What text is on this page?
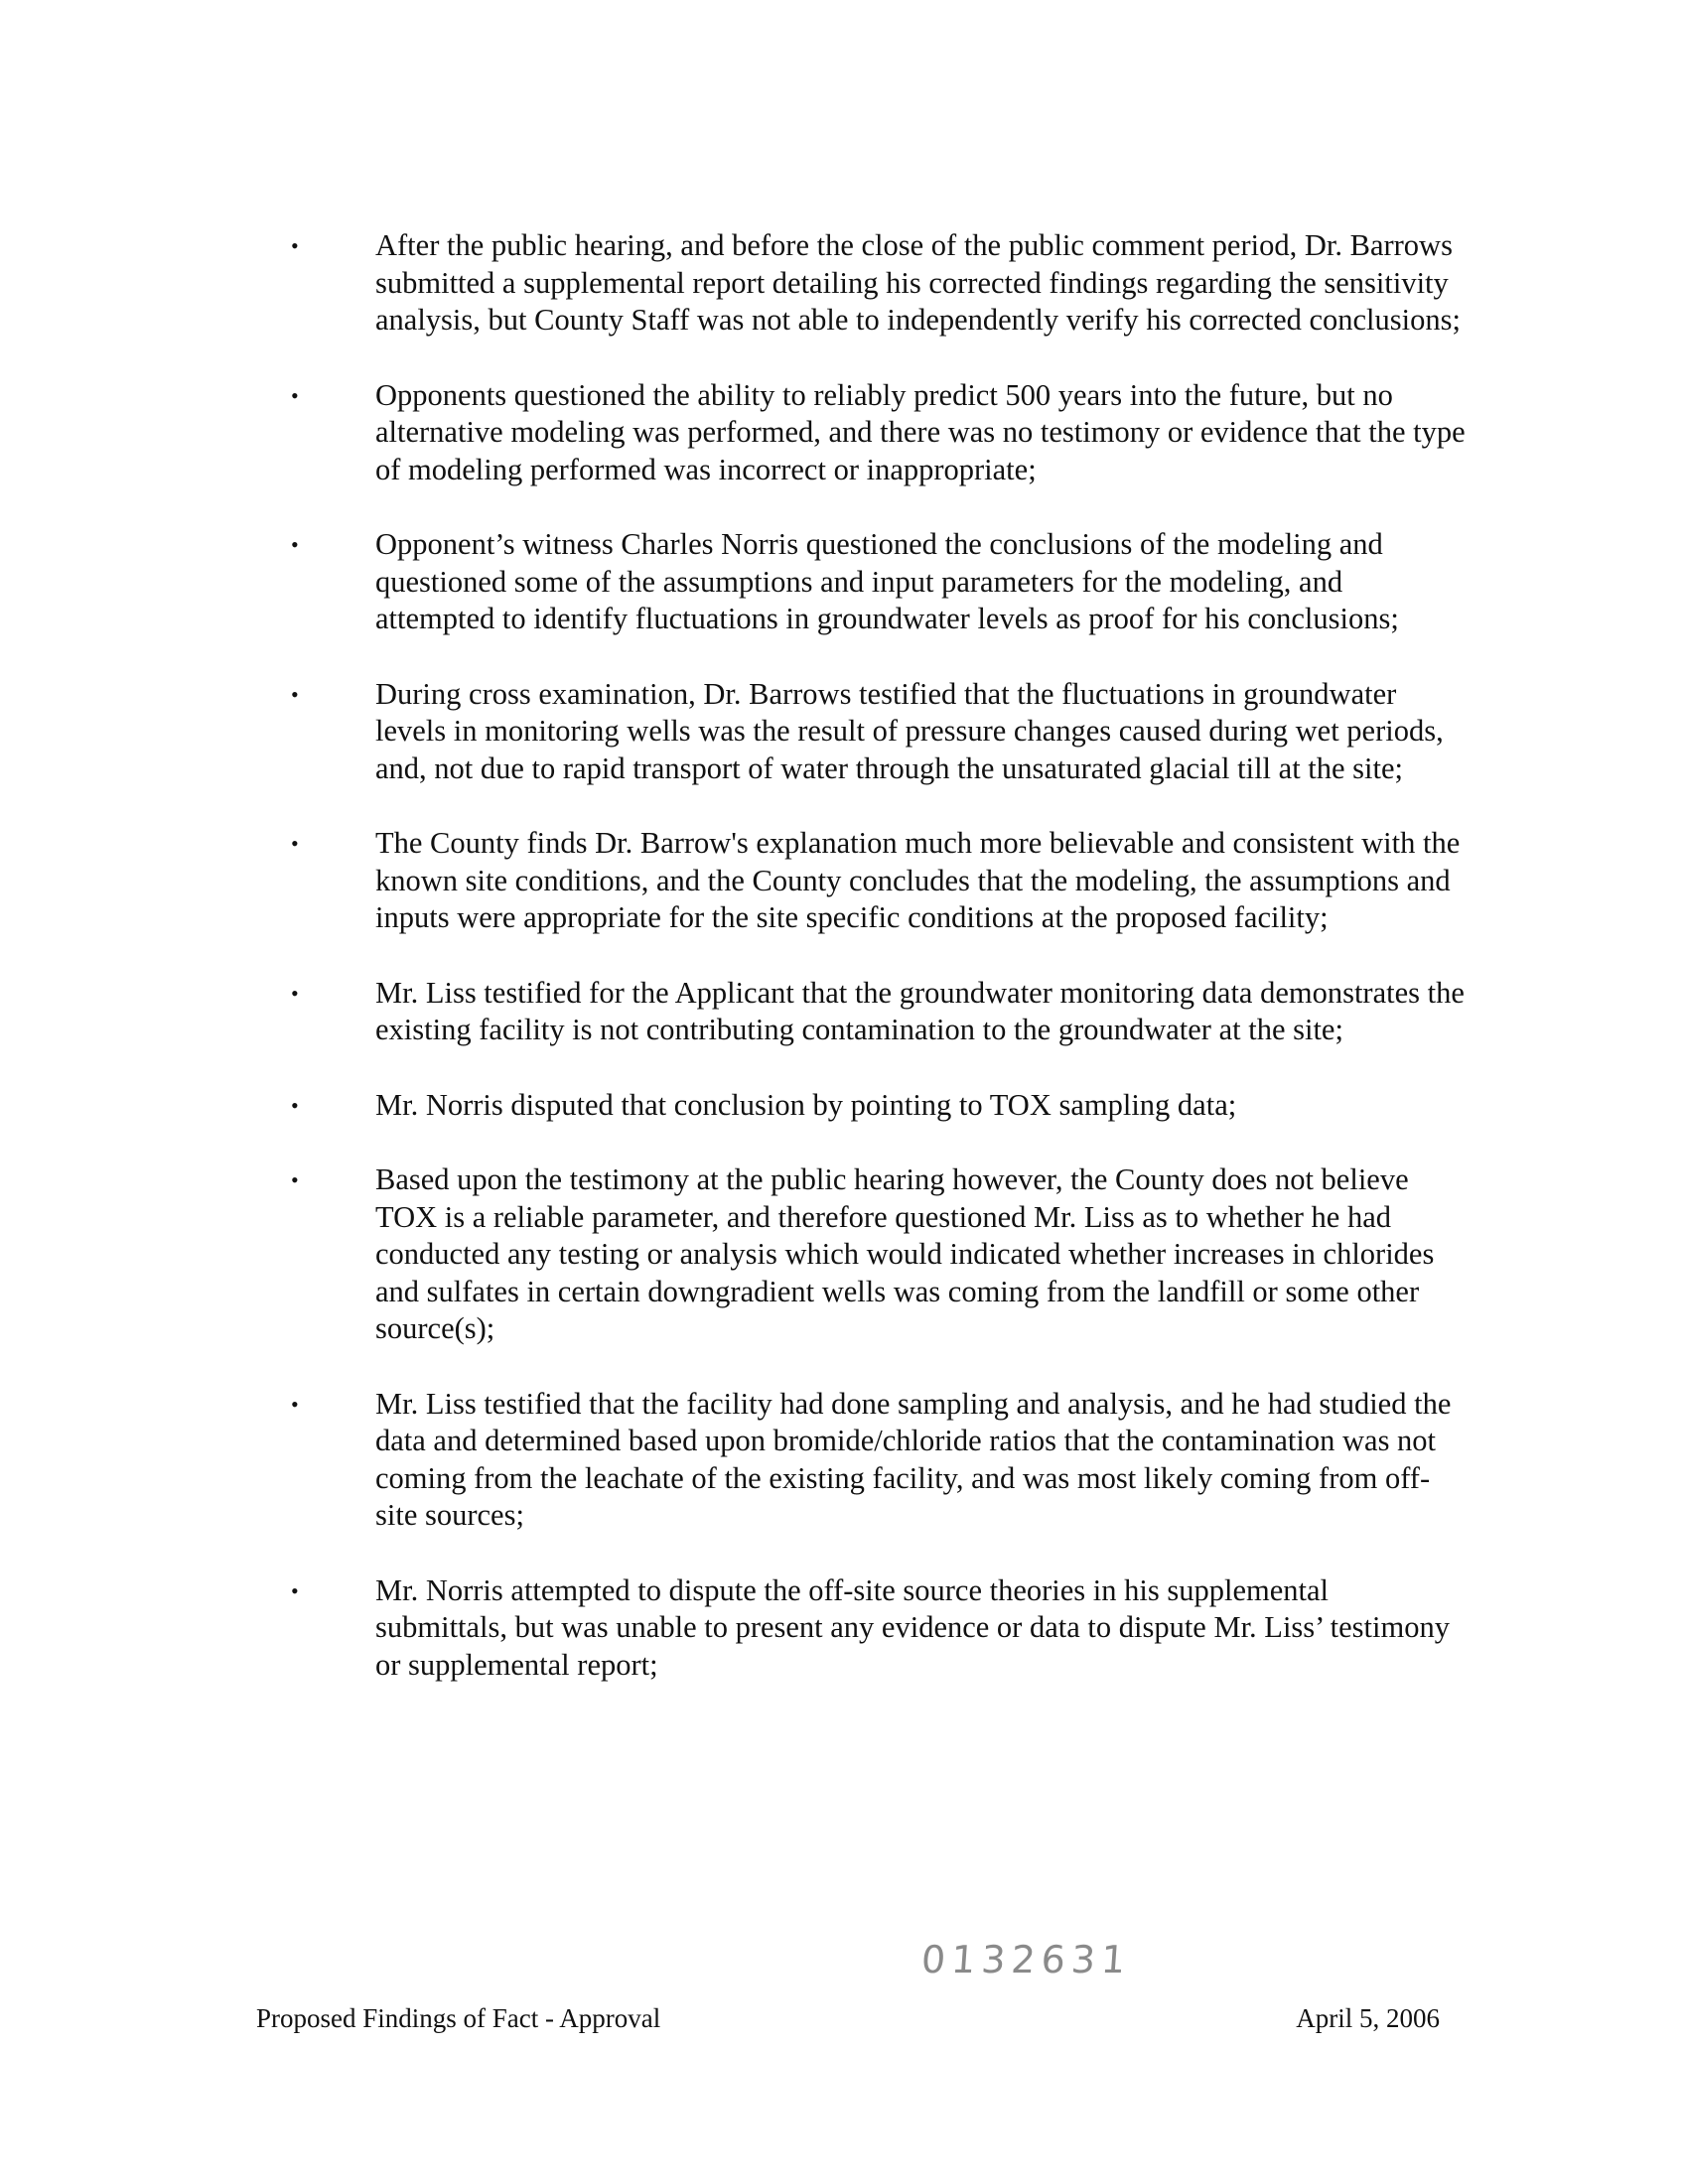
•	After the public hearing, and before the close of the public comment period, Dr. Barrows submitted a supplemental report detailing his corrected findings regarding the sensitivity analysis, but County Staff was not able to independently verify his corrected conclusions;
•	Opponents questioned the ability to reliably predict 500 years into the future, but no alternative modeling was performed, and there was no testimony or evidence that the type of modeling performed was incorrect or inappropriate;
•	Opponent’s witness Charles Norris questioned the conclusions of the modeling and questioned some of the assumptions and input parameters for the modeling, and attempted to identify fluctuations in groundwater levels as proof for his conclusions;
•	During cross examination, Dr. Barrows testified that the fluctuations in groundwater levels in monitoring wells was the result of pressure changes caused during wet periods, and, not due to rapid transport of water through the unsaturated glacial till at the site;
•	The County finds Dr. Barrow's explanation much more believable and consistent with the known site conditions, and the County concludes that the modeling, the assumptions and inputs were appropriate for the site specific conditions at the proposed facility;
•	Mr. Liss testified for the Applicant that the groundwater monitoring data demonstrates the existing facility is not contributing contamination to the groundwater at the site;
•	Mr. Norris disputed that conclusion by pointing to TOX sampling data;
•	Based upon the testimony at the public hearing however, the County does not believe TOX is a reliable parameter, and therefore questioned Mr. Liss as to whether he had conducted any testing or analysis which would indicated whether increases in chlorides and sulfates in certain downgradient wells was coming from the landfill or some other source(s);
•	Mr. Liss testified that the facility had done sampling and analysis, and he had studied the data and determined based upon bromide/chloride ratios that the contamination was not coming from the leachate of the existing facility, and was most likely coming from off-site sources;
•	Mr. Norris attempted to dispute the off-site source theories in his supplemental submittals, but was unable to present any evidence or data to dispute Mr. Liss’ testimony or supplemental report;
0132631
Proposed Findings of Fact - Approval	April 5, 2006
